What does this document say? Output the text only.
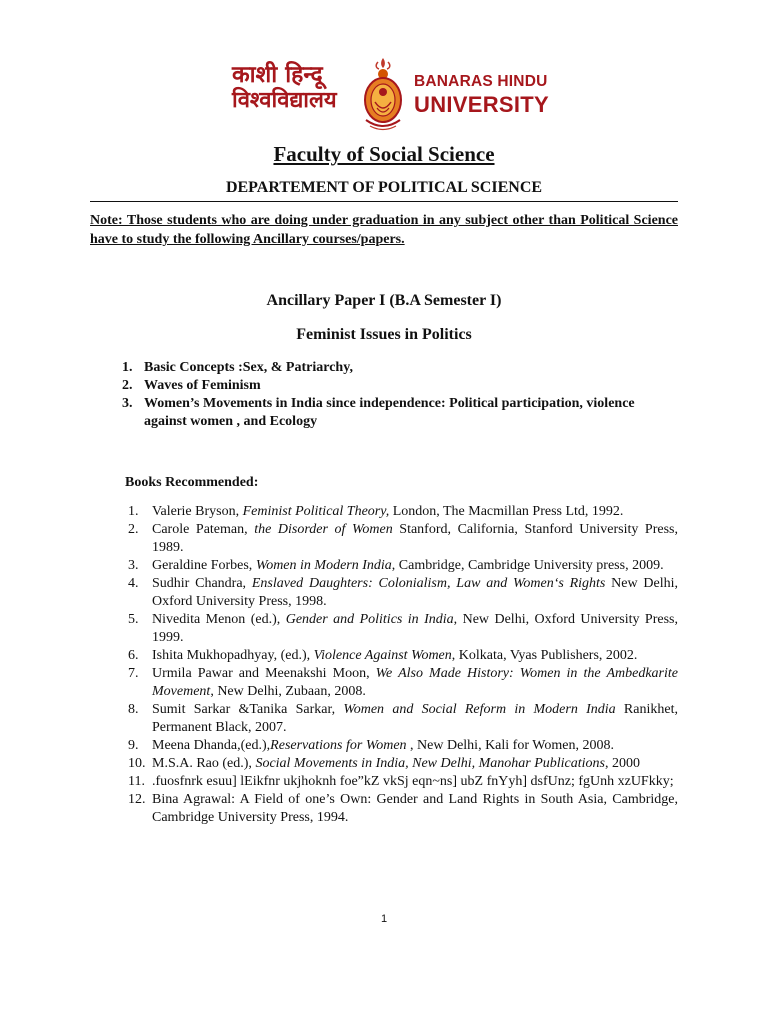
काशी हिन्दू
विश्वविद्यालय
BANARAS HINDU
UNIVERSITY
Faculty of Social Science
DEPARTEMENT OF POLITICAL SCIENCE
Note: Those students who are doing under graduation in any subject other than Political Science have to study the following Ancillary courses/papers.
Ancillary Paper I (B.A Semester I)
Feminist Issues in Politics
1. Basic Concepts :Sex, & Patriarchy,
2. Waves of Feminism
3. Women’s Movements in India since independence: Political participation, violence against women , and Ecology
Books Recommended:
1. Valerie Bryson, Feminist Political Theory, London, The Macmillan Press Ltd, 1992.
2. Carole Pateman, the Disorder of Women Stanford, California, Stanford University Press, 1989.
3. Geraldine Forbes, Women in Modern India, Cambridge, Cambridge University press, 2009.
4. Sudhir Chandra, Enslaved Daughters: Colonialism, Law and Women‘s Rights New Delhi, Oxford University Press, 1998.
5. Nivedita Menon (ed.), Gender and Politics in India, New Delhi, Oxford University Press, 1999.
6. Ishita Mukhopadhyay, (ed.), Violence Against Women, Kolkata, Vyas Publishers, 2002.
7. Urmila Pawar and Meenakshi Moon, We Also Made History: Women in the Ambedkarite Movement, New Delhi, Zubaan, 2008.
8. Sumit Sarkar &Tanika Sarkar, Women and Social Reform in Modern India Ranikhet, Permanent Black, 2007.
9. Meena Dhanda,(ed.),Reservations for Women , New Delhi, Kali for Women, 2008.
10. M.S.A. Rao (ed.), Social Movements in India, New Delhi, Manohar Publications, 2000
11. .fuosfnrk esuu] lEikfnr ukjhoknh foe”kZ vkSj eqn~ns] ubZ fnYyh] dsfUnz; fgUnh xzUFkky;
12. Bina Agrawal: A Field of one’s Own: Gender and Land Rights in South Asia, Cambridge, Cambridge University Press, 1994.
1
